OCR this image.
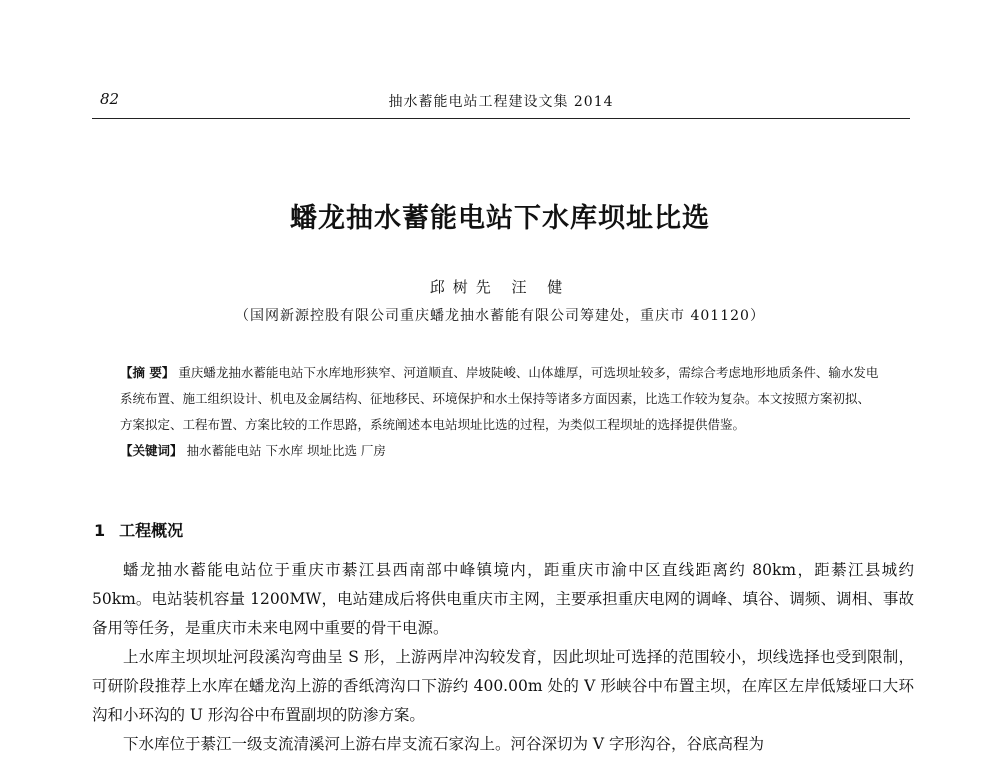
82	抽水蓄能电站工程建设文集 2014
蟠龙抽水蓄能电站下水库坝址比选
邱树先 汪 健
（国网新源控股有限公司重庆蟠龙抽水蓄能有限公司筹建处，重庆市 401120）

【摘 要】 重庆蟠龙抽水蓄能电站下水库地形狭窄、河道顺直、岸坡陡峻、山体雄厚，可选坝址较多，需综合考虑地形地质条件、输水发电系统布置、施工组织设计、机电及金属结构、征地移民、环境保护和水土保持等诸多方面因素，比选工作较为复杂。本文按照方案初拟、方案拟定、工程布置、方案比较的工作思路，系统阐述本电站坝址比选的过程，为类似工程坝址的选择提供借鉴。

【关键词】 抽水蓄能电站 下水库 坝址比选 厂房

1 工程概况

蟠龙抽水蓄能电站位于重庆市綦江县西南部中峰镇境内，距重庆市渝中区直线距离约 80km，距綦江县城约 50km。电站装机容量 1200MW，电站建成后将供电重庆市主网，主要承担重庆电网的调峰、填谷、调频、调相、事故备用等任务，是重庆市未来电网中重要的骨干电源。

上水库主坝坝址河段溪沟弯曲呈 S 形，上游两岸冲沟较发育，因此坝址可选择的范围较小，坝线选择也受到限制，可研阶段推荐上水库在蟠龙沟上游的香纸湾沟口下游约 400.00m 处的 V 形峡谷中布置主坝，在库区左岸低矮垭口大环沟和小环沟的 U 形沟谷中布置副坝的防渗方案。

下水库位于綦江一级支流清溪河上游右岸支流石家沟上。河谷深切为 V 字形沟谷，谷底高程为
